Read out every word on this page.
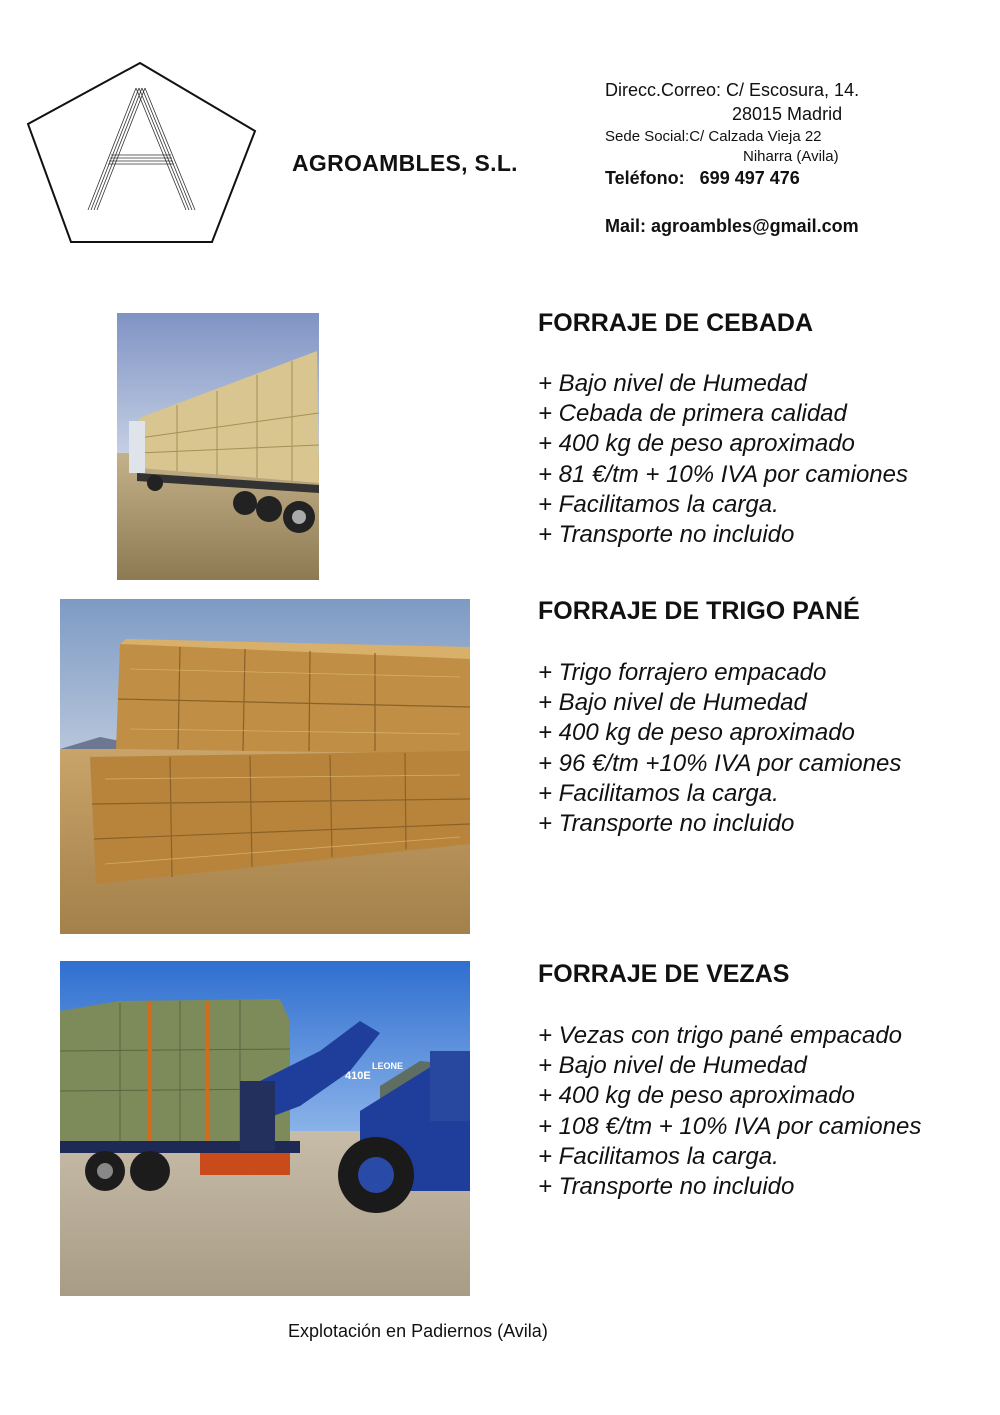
AGROAMBLES, S.L.
Direcc.Correo: C/ Escosura, 14.
28015 Madrid
Sede Social:C/ Calzada Vieja 22
Niharra (Avila)
Teléfono: 699 497 476
Mail: agroambles@gmail.com
FORRAJE DE CEBADA
+ Bajo nivel de Humedad
+ Cebada de primera calidad
+ 400 kg de peso aproximado
+ 81 €/tm + 10% IVA por camiones
+ Facilitamos la carga.
+ Transporte no incluido
FORRAJE DE TRIGO PANÉ
+ Trigo forrajero empacado
+ Bajo nivel de Humedad
+ 400 kg de peso aproximado
+ 96 €/tm +10% IVA por camiones
+ Facilitamos la carga.
+ Transporte no incluido
410E
LEONE
FORRAJE DE VEZAS
+ Vezas con trigo pané empacado
+ Bajo nivel de Humedad
+ 400 kg de peso aproximado
+ 108 €/tm + 10% IVA por camiones
+ Facilitamos la carga.
+ Transporte no incluido
Explotación en Padiernos (Avila)
